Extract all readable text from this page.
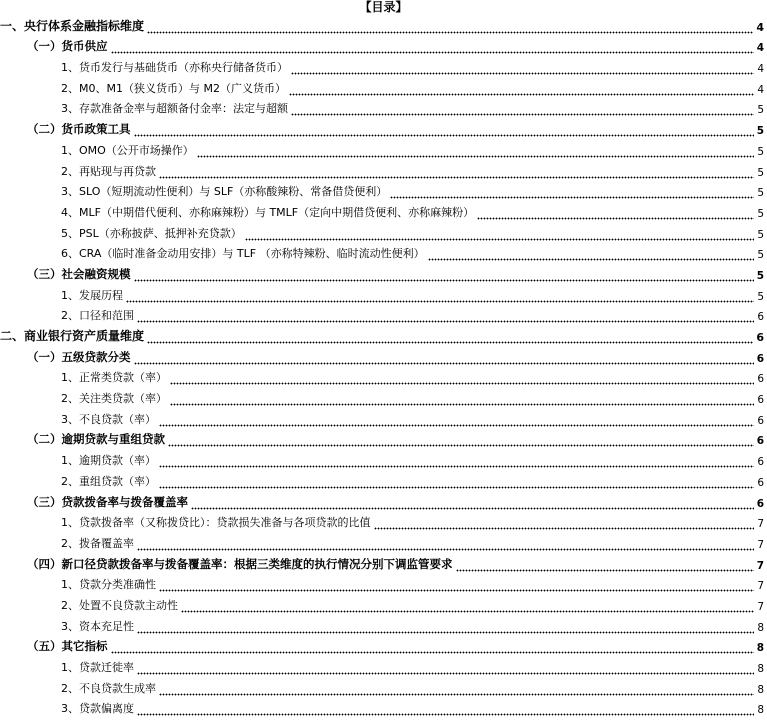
【目录】
一、央行体系金融指标维度	4
（一）货币供应	4
1、货币发行与基础货币（亦称央行储备货币）	4
2、M0、M1（狭义货币）与 M2（广义货币）	4
3、存款准备金率与超额备付金率：法定与超额	5
（二）货币政策工具	5
1、OMO（公开市场操作）	5
2、再贴现与再贷款	5
3、SLO（短期流动性便利）与 SLF（亦称酸辣粉、常备借贷便利）	5
4、MLF（中期借代便利、亦称麻辣粉）与 TMLF（定向中期借贷便利、亦称麻辣粉）	5
5、PSL（亦称披萨、抵押补充贷款）	5
6、CRA（临时准备金动用安排）与 TLF （亦称特辣粉、临时流动性便利）	5
（三）社会融资规模	5
1、发展历程	5
2、口径和范围	6
二、商业银行资产质量维度	6
（一）五级贷款分类	6
1、正常类贷款（率）	6
2、关注类贷款（率）	6
3、不良贷款（率）	6
（二）逾期贷款与重组贷款	6
1、逾期贷款（率）	6
2、重组贷款（率）	6
（三）贷款拨备率与拨备覆盖率	6
1、贷款拨备率（又称拨贷比）：贷款损失准备与各项贷款的比值	7
2、拨备覆盖率	7
（四）新口径贷款拨备率与拨备覆盖率：根据三类维度的执行情况分别下调监管要求	7
1、贷款分类准确性	7
2、处置不良贷款主动性	7
3、资本充足性	8
（五）其它指标	8
1、贷款迁徙率	8
2、不良贷款生成率	8
3、贷款偏离度	8
